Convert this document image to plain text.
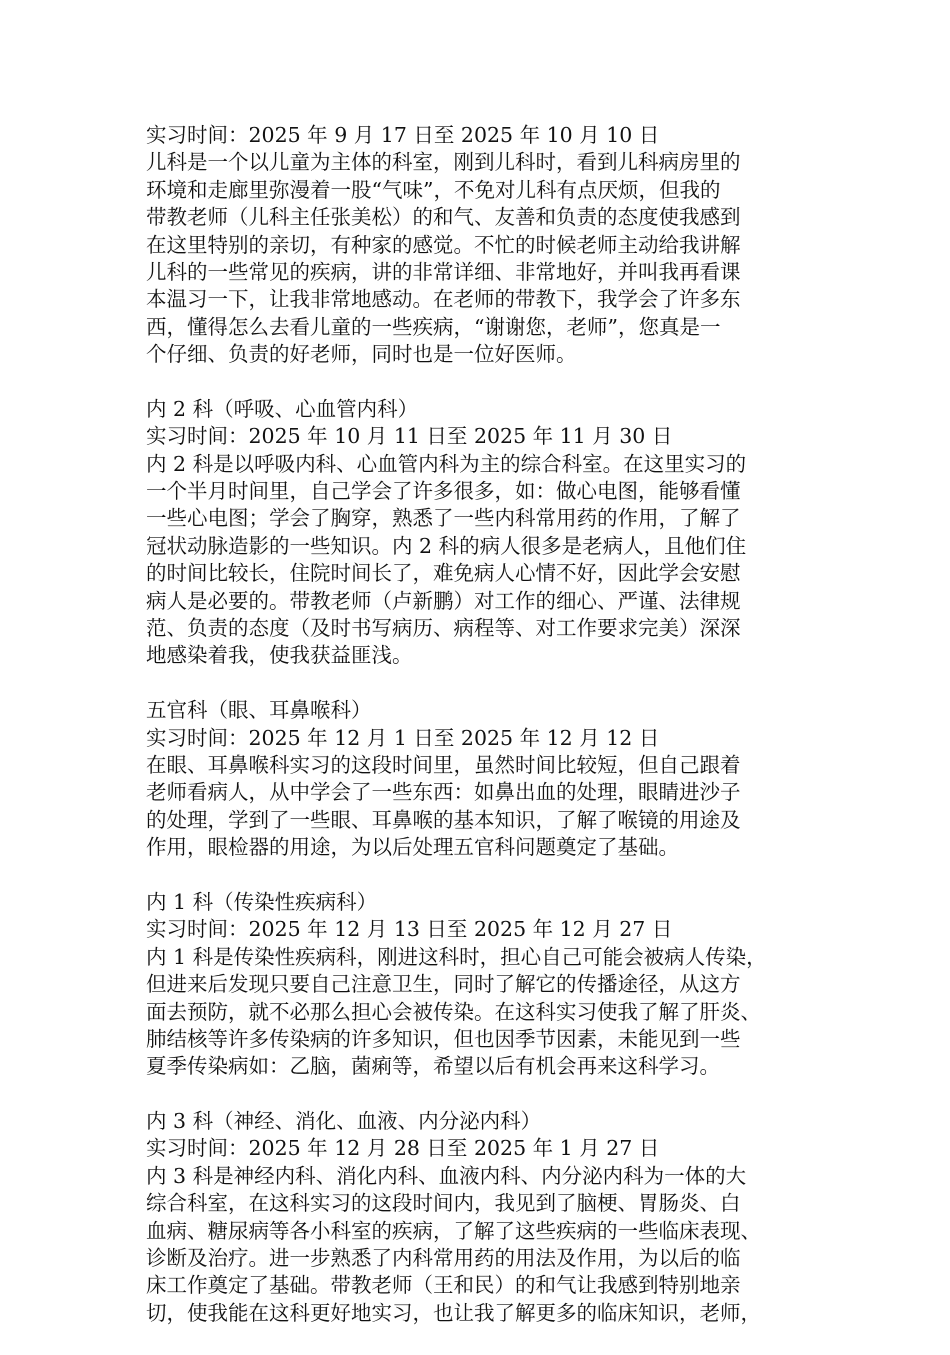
实习时间：2025 年 9 月 17 日至 2025 年 10 月 10 日
儿科是一个以儿童为主体的科室，刚到儿科时，看到儿科病房里的
环境和走廊里弥漫着一股“气味”，不免对儿科有点厌烦，但我的
带教老师（儿科主任张美松）的和气、友善和负责的态度使我感到
在这里特别的亲切，有种家的感觉。不忙的时候老师主动给我讲解
儿科的一些常见的疾病，讲的非常详细、非常地好，并叫我再看课
本温习一下，让我非常地感动。在老师的带教下，我学会了许多东
西，懂得怎么去看儿童的一些疾病，“谢谢您，老师”，您真是一
个仔细、负责的好老师，同时也是一位好医师。
内 2 科（呼吸、心血管内科）
实习时间：2025 年 10 月 11 日至 2025 年 11 月 30 日
内 2 科是以呼吸内科、心血管内科为主的综合科室。在这里实习的
一个半月时间里，自己学会了许多很多，如：做心电图，能够看懂
一些心电图；学会了胸穿，熟悉了一些内科常用药的作用，了解了
冠状动脉造影的一些知识。内 2 科的病人很多是老病人，且他们住
的时间比较长，住院时间长了，难免病人心情不好，因此学会安慰
病人是必要的。带教老师（卢新鹏）对工作的细心、严谨、法律规
范、负责的态度（及时书写病历、病程等、对工作要求完美）深深
地感染着我，使我获益匪浅。
五官科（眼、耳鼻喉科）
实习时间：2025 年 12 月 1 日至 2025 年 12 月 12 日
在眼、耳鼻喉科实习的这段时间里，虽然时间比较短，但自己跟着
老师看病人，从中学会了一些东西：如鼻出血的处理，眼睛进沙子
的处理，学到了一些眼、耳鼻喉的基本知识，了解了喉镜的用途及
作用，眼检器的用途，为以后处理五官科问题奠定了基础。
内 1 科（传染性疾病科）
实习时间：2025 年 12 月 13 日至 2025 年 12 月 27 日
内 1 科是传染性疾病科，刚进这科时，担心自己可能会被病人传染，
但进来后发现只要自己注意卫生，同时了解它的传播途径，从这方
面去预防，就不必那么担心会被传染。在这科实习使我了解了肝炎、
肺结核等许多传染病的许多知识，但也因季节因素，未能见到一些
夏季传染病如：乙脑，菌痢等，希望以后有机会再来这科学习。
内 3 科（神经、消化、血液、内分泌内科）
实习时间：2025 年 12 月 28 日至 2025 年 1 月 27 日
内 3 科是神经内科、消化内科、血液内科、内分泌内科为一体的大
综合科室，在这科实习的这段时间内，我见到了脑梗、胃肠炎、白
血病、糖尿病等各小科室的疾病，了解了这些疾病的一些临床表现、
诊断及治疗。进一步熟悉了内科常用药的用法及作用，为以后的临
床工作奠定了基础。带教老师（王和民）的和气让我感到特别地亲
切，使我能在这科更好地实习，也让我了解更多的临床知识，老师，
